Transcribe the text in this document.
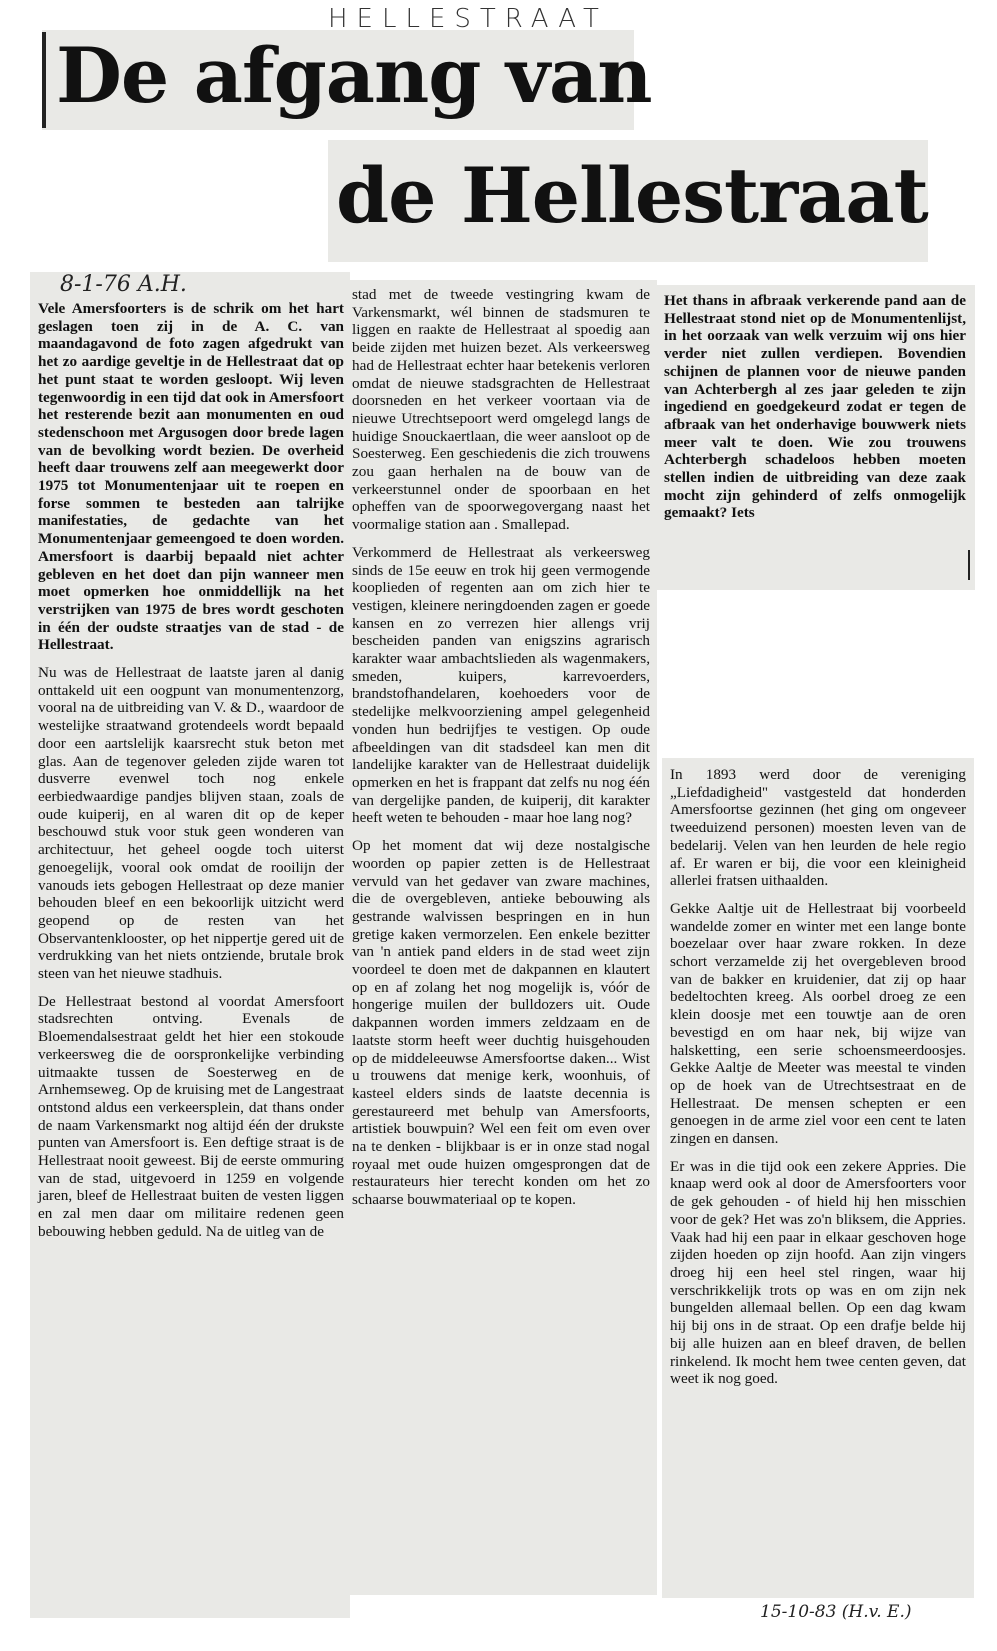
HELLESTRAAT
De afgang van
de Hellestraat
8-1-76 A.H.

Vele Amersfoorters is de schrik om het hart geslagen toen zij in de A. C. van maandagavond de foto zagen afgedrukt van het zo aardige geveltje in de Hellestraat dat op het punt staat te worden gesloopt. Wij leven tegenwoordig in een tijd dat ook in Amersfoort het resterende bezit aan monumenten en oud stedenschoon met Argusogen door brede lagen van de bevolking wordt bezien. De overheid heeft daar trouwens zelf aan meegewerkt door 1975 tot Monumentenjaar uit te roepen en forse sommen te besteden aan talrijke manifestaties, de gedachte van het Monumentenjaar gemeengoed te doen worden. Amersfoort is daarbij bepaald niet achter gebleven en het doet dan pijn wanneer men moet opmerken hoe onmiddellijk na het verstrijken van 1975 de bres wordt geschoten in één der oudste straatjes van de stad - de Hellestraat.

Nu was de Hellestraat de laatste jaren al danig onttakeld uit een oogpunt van monumentenzorg, vooral na de uitbreiding van V. & D., waardoor de westelijke straatwand grotendeels wordt bepaald door een aartslelijk kaarsrecht stuk beton met glas. Aan de tegenover geleden zijde waren tot dusverre evenwel toch nog enkele eerbiedwaardige pandjes blijven staan, zoals de oude kuiperij, en al waren dit op de keper beschouwd stuk voor stuk geen wonderen van architectuur, het geheel oogde toch uiterst genoegelijk, vooral ook omdat de rooilijn der vanouds iets gebogen Hellestraat op deze manier behouden bleef en een bekoorlijk uitzicht werd geopend op de resten van het Observantenklooster, op het nippertje gered uit de verdrukking van het niets ontziende, brutale brok steen van het nieuwe stadhuis.

De Hellestraat bestond al voordat Amersfoort stadsrechten ontving. Evenals de Bloemendalsestraat geldt het hier een stokoude verkeersweg die de oorspronkelijke verbinding uitmaakte tussen de Soesterweg en de Arnhemseweg. Op de kruising met de Langestraat ontstond aldus een verkeersplein, dat thans onder de naam Varkensmarkt nog altijd één der drukste punten van Amersfoort is. Een deftige straat is de Hellestraat nooit geweest. Bij de eerste ommuring van de stad, uitgevoerd in 1259 en volgende jaren, bleef de Hellestraat buiten de vesten liggen en zal men daar om militaire redenen geen bebouwing hebben geduld. Na de uitleg van de

stad met de tweede vestingring kwam de Varkensmarkt, wél binnen de stadsmuren te liggen en raakte de Hellestraat al spoedig aan beide zijden met huizen bezet. Als verkeersweg had de Hellestraat echter haar betekenis verloren omdat de nieuwe stadsgrachten de Hellestraat doorsneden en het verkeer voortaan via de nieuwe Utrechtsepoort werd omgelegd langs de huidige Snouckaertlaan, die weer aansloot op de Soesterweg. Een geschiedenis die zich trouwens zou gaan herhalen na de bouw van de verkeerstunnel onder de spoorbaan en het opheffen van de spoorwegovergang naast het voormalige station aan . Smallepad.

Verkommerd de Hellestraat als verkeersweg sinds de 15e eeuw en trok hij geen vermogende kooplieden of regenten aan om zich hier te vestigen, kleinere neringdoenden zagen er goede kansen en zo verrezen hier allengs vrij bescheiden panden van enigszins agrarisch karakter waar ambachtslieden als wagenmakers, smeden, kuipers, karrevoerders, brandstofhandelaren, koehoeders voor de stedelijke melkvoorziening ampel gelegenheid vonden hun bedrijfjes te vestigen. Op oude afbeeldingen van dit stadsdeel kan men dit landelijke karakter van de Hellestraat duidelijk opmerken en het is frappant dat zelfs nu nog één van dergelijke panden, de kuiperij, dit karakter heeft weten te behouden - maar hoe lang nog?

Op het moment dat wij deze nostalgische woorden op papier zetten is de Hellestraat vervuld van het gedaver van zware machines, die de overgebleven, antieke bebouwing als gestrande walvissen bespringen en in hun gretige kaken vermorzelen. Een enkele bezitter van 'n antiek pand elders in de stad weet zijn voordeel te doen met de dakpannen en klautert op en af zolang het nog mogelijk is, vóór de hongerige muilen der bulldozers uit. Oude dakpannen worden immers zeldzaam en de laatste storm heeft weer duchtig huisgehouden op de middeleeuwse Amersfoortse daken... Wist u trouwens dat menige kerk, woonhuis, of kasteel elders sinds de laatste decennia is gerestaureerd met behulp van Amersfoorts, artistiek bouwpuin? Wel een feit om even over na te denken - blijkbaar is er in onze stad nogal royaal met oude huizen omgesprongen dat de restaurateurs hier terecht konden om het zo schaarse bouwmateriaal op te kopen.

Het thans in afbraak verkerende pand aan de Hellestraat stond niet op de Monumentenlijst, in het oorzaak van welk verzuim wij ons hier verder niet zullen verdiepen. Bovendien schijnen de plannen voor de nieuwe panden van Achterbergh al zes jaar geleden te zijn ingediend en goedgekeurd zodat er tegen de afbraak van het onderhavige bouwwerk niets meer valt te doen. Wie zou trouwens Achterbergh schadeloos hebben moeten stellen indien de uitbreiding van deze zaak mocht zijn gehinderd of zelfs onmogelijk gemaakt? Iets

In 1893 werd door de vereniging „Liefdadigheid" vastgesteld dat honderden Amersfoortse gezinnen (het ging om ongeveer tweeduizend personen) moesten leven van de bedelarij. Velen van hen leurden de hele regio af. Er waren er bij, die voor een kleinigheid allerlei fratsen uithaalden.

Gekke Aaltje uit de Hellestraat bij voorbeeld wandelde zomer en winter met een lange bonte boezelaar over haar zware rokken. In deze schort verzamelde zij het overgebleven brood van de bakker en kruidenier, dat zij op haar bedeltochten kreeg. Als oorbel droeg ze een klein doosje met een touwtje aan de oren bevestigd en om haar nek, bij wijze van halsketting, een serie schoensmeerdoosjes. Gekke Aaltje de Meeter was meestal te vinden op de hoek van de Utrechtsestraat en de Hellestraat. De mensen schepten er een genoegen in de arme ziel voor een cent te laten zingen en dansen.

Er was in die tijd ook een zekere Appries. Die knaap werd ook al door de Amersfoorters voor de gek gehouden - of hield hij hen misschien voor de gek? Het was zo'n bliksem, die Appries. Vaak had hij een paar in elkaar geschoven hoge zijden hoeden op zijn hoofd. Aan zijn vingers droeg hij een heel stel ringen, waar hij verschrikkelijk trots op was en om zijn nek bungelden allemaal bellen. Op een dag kwam hij bij ons in de straat. Op een drafje belde hij bij alle huizen aan en bleef draven, de bellen rinkelend. Ik mocht hem twee centen geven, dat weet ik nog goed.

15-10-83 (H.v. E.)
